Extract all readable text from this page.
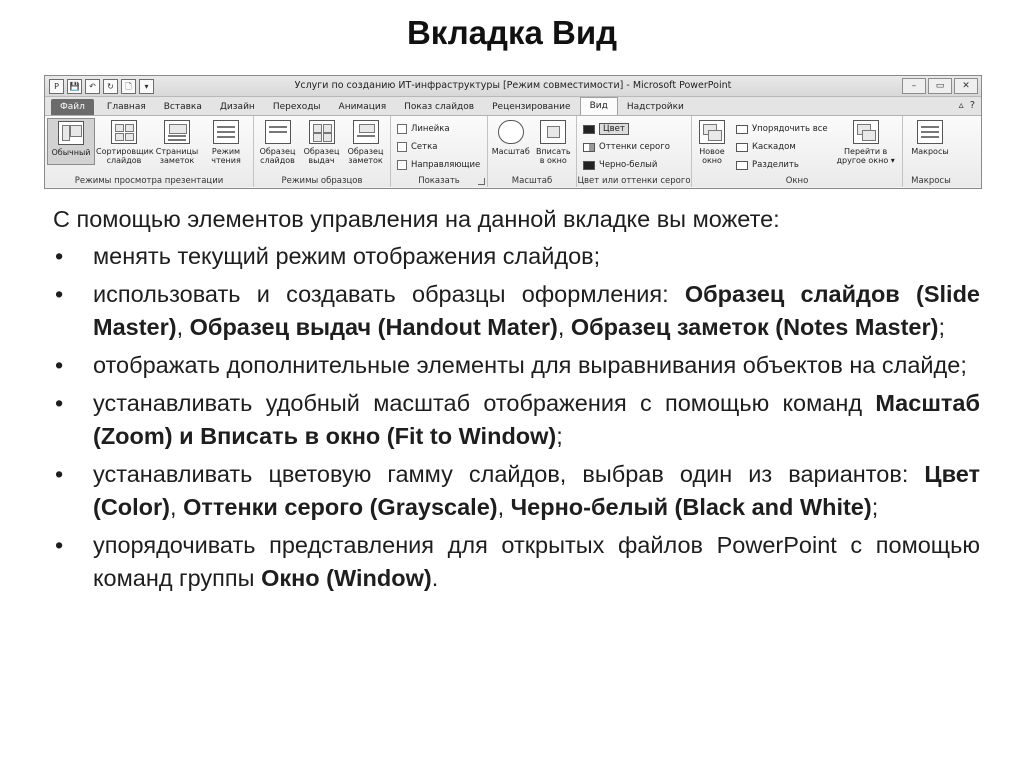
Вкладка Вид
P	💾	↶	↻	🗋	▾	Услуги по созданию ИТ-инфраструктуры [Режим совместимости] - Microsoft PowerPoint	–	▭	✕
Файл	Главная	Вставка	Дизайн	Переходы	Анимация	Показ слайдов	Рецензирование	Вид	Надстройки	▵ ?
Обычный Сортировщик
слайдов
Страницы
заметок
Режим
чтения
Режимы просмотра презентации
Образец
слайдов
Образец
выдач
Образец
заметок
Режимы образцов
Линейка
Сетка
Направляющие
Показать
Масштаб Вписать
в окно
Масштаб
Цвет
Оттенки серого
Черно-белый
Цвет или оттенки серого
Новое
окно
Упорядочить все
Каскадом
Разделить
Перейти в
другое окно ▾
Окно
Макросы
Макросы

С помощью элементов управления на данной вкладке вы можете:

• менять текущий режим отображения слайдов;
• использовать и создавать образцы оформления: Образец слайдов (Slide Master), Образец выдач (Handout Mater), Образец заметок (Notes Master);
• отображать дополнительные элементы для выравнивания объектов на слайде;
• устанавливать удобный масштаб отображения с помощью команд Масштаб (Zoom) и Вписать в окно (Fit to Window);
• устанавливать цветовую гамму слайдов, выбрав один из вариантов: Цвет (Color), Оттенки серого (Grayscale), Черно-белый (Black and White);
• упорядочивать представления для открытых файлов PowerPoint с помощью команд группы Окно (Window).
